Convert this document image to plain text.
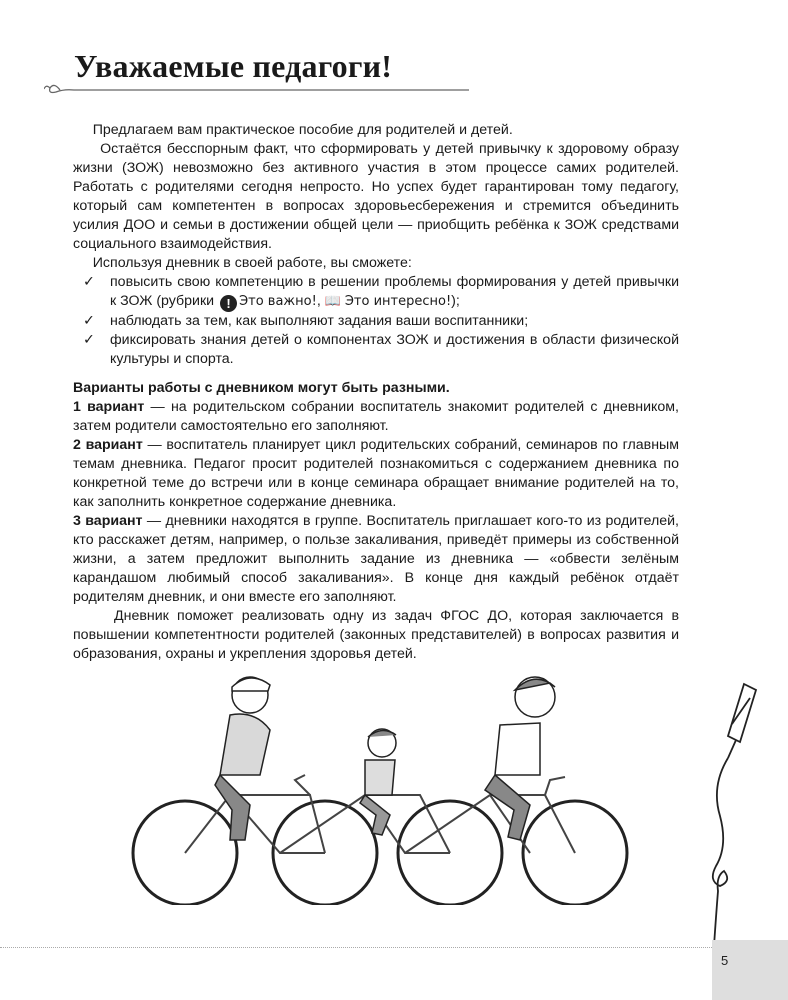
Уважаемые педагоги!

Предлагаем вам практическое пособие для родителей и детей.

Остаётся бесспорным факт, что сформировать у детей привычку к здоровому образу жизни (ЗОЖ) невозможно без активного участия в этом процессе самих родителей. Работать с родителями сегодня непросто. Но успех будет гарантирован тому педагогу, который сам компетентен в вопросах здоровьесбережения и стремится объединить усилия ДОО и семьи в достижении общей цели — приобщить ребёнка к ЗОЖ средствами социального взаимодействия.

Используя дневник в своей работе, вы сможете:

✓ повысить свою компетенцию в решении проблемы формирования у детей привычки к ЗОЖ (рубрики ! Это важно!, 📖 Это интересно!);
✓ наблюдать за тем, как выполняют задания ваши воспитанники;
✓ фиксировать знания детей о компонентах ЗОЖ и достижения в области физической культуры и спорта.

Варианты работы с дневником могут быть разными.

1 вариант — на родительском собрании воспитатель знакомит родителей с дневником, затем родители самостоятельно его заполняют.

2 вариант — воспитатель планирует цикл родительских собраний, семинаров по главным темам дневника. Педагог просит родителей познакомиться с содержанием дневника по конкретной теме до встречи или в конце семинара обращает внимание родителей на то, как заполнить конкретное содержание дневника.

3 вариант — дневники находятся в группе. Воспитатель приглашает кого-то из родителей, кто расскажет детям, например, о пользе закаливания, приведёт примеры из собственной жизни, а затем предложит выполнить задание из дневника — «обвести зелёным карандашом любимый способ закаливания». В конце дня каждый ребёнок отдаёт родителям дневник, и они вместе его заполняют.

Дневник поможет реализовать одну из задач ФГОС ДО, которая заключается в повышении компетентности родителей (законных представителей) в вопросах развития и образования, охраны и укрепления здоровья детей.

5
